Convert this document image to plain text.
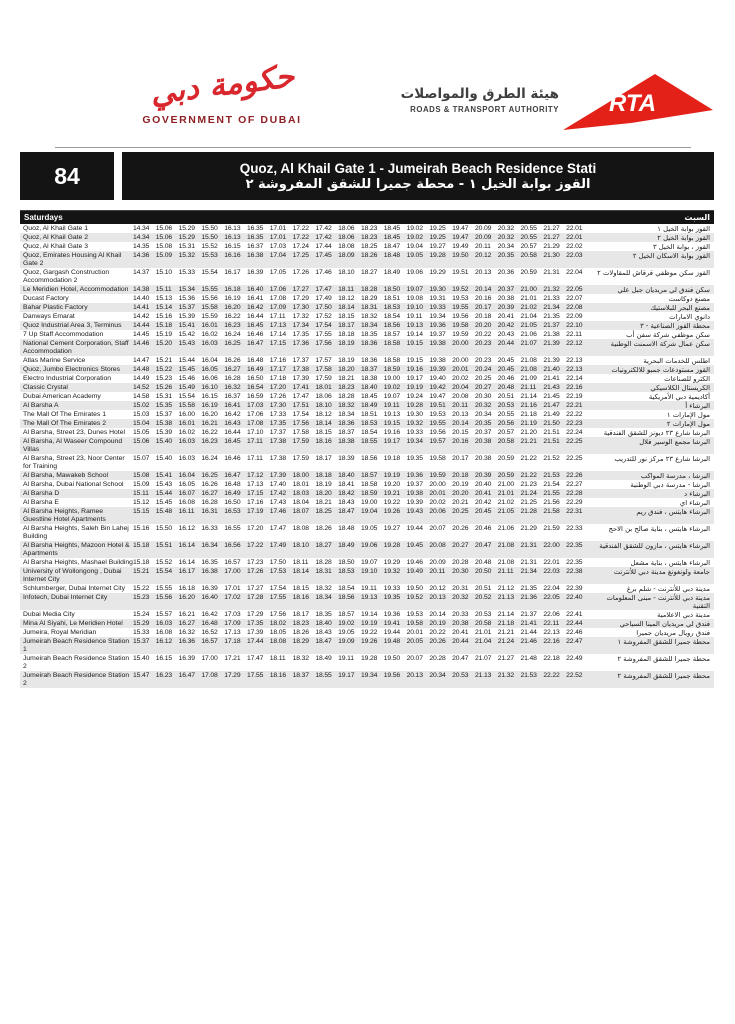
حكومة دبي
GOVERNMENT OF DUBAI
هيئة الطرق والمواصلات
ROADS & TRANSPORT AUTHORITY RTA
84	Quoz, Al Khail Gate 1 - Jumeirah Beach Residence Stati
القوز بوابة الخيل ١ - محطة جميرا للشقق المفروشة ٢
Saturdays	السبت
Quoz, Al Khail Gate 1	14.34 15.06 15.29 15.50 16.13 16.35 17.01 17.22 17.42 18.06 18.23 18.45 19.02 19.25 19.47 20.09 20.32 20.55 21.27 22.01	القوز بوابة الخيل ١
Quoz, Al Khail Gate 2	14.34 15.06 15.29 15.50 16.13 16.35 17.01 17.22 17.42 18.06 18.23 18.45 19.02 19.25 19.47 20.09 20.32 20.55 21.27 22.01	القوز بوابة الخيل ٢
Quoz, Al Khail Gate 3	14.35 15.08 15.31 15.52 16.15 16.37 17.03 17.24 17.44 18.08 18.25 18.47 19.04 19.27 19.49 20.11	20.34 20.57 21.29 22.02	القوز ، بوابة الخيل ٣
Quoz, Emirates Housing Al Khail Gate 2
14.36 15.09 15.32 15.53 16.16 16.38 17.04 17.25 17.45 18.09 18.26 18.48 19.05 19.28 19.50 20.12 20.35 20.58 21.30 22.03	القوز بوابة الاسكان الخيل ٢
Quoz, Gargash Construction Accommodation 2
14.37 15.10 15.33 15.54 16.17 16.39 17.05 17.26 17.46 18.10 18.27 18.49 19.06 19.29 19.51 20.13 20.36 20.59 21.31 22.04	القوز سكن موظفي قرقاش للمقاولات ٢
Le Meridien Hotel, Accommodation 14.38 15.11	15.34 15.55 16.18 16.40 17.06 17.27 17.47 18.11	18.28 18.50 19.07 19.30 19.52 20.14 20.37 21.00 21.32 22.05	سكن فندق لي مريديان جبل علي
Ducast Factory	14.40 15.13 15.36 15.56 16.19 16.41 17.08 17.29 17.49 18.12 18.29 18.51 19.08 19.31 19.53 20.16 20.38 21.01 21.33 22.07	مصنع دوكاست
Bahar Plastic Factory	14.41 15.14 15.37 15.58 16.20 16.42 17.09 17.30 17.50 18.14 18.31 18.53 19.10 19.33 19.55 20.17 20.39 21.02 21.34 22.08	مصنع البحر للبلاستيك
Danways Emarat	14.42 15.16 15.39 15.59 16.22 16.44 17.11	17.32 17.52 18.15 18.32 18.54 19.11	19.34 19.56 20.18 20.41 21.04 21.35 22.09	دانوي الامارات
Quoz Industrial Area 3, Terminus	14.44 15.18 15.41 16.01 16.23 16.45 17.13 17.34 17.54 18.17 18.34 18.56 19.13 19.36 19.58 20.20 20.42 21.05 21.37 22.10	محطة القوز الصناعية - ٣
7 Up Staff Accommodation	14.45 15.19 15.42 16.02 16.24 16.46 17.14 17.35 17.55 18.18 18.35 18.57 19.14 19.37 19.59 20.22 20.43 21.06 21.38 22.11	سكن موظفي شركة سفن أب
National Cement Corporation, Staff Accommodation
14.46 15.20 15.43 16.03 16.25 16.47 17.15 17.36 17.56 18.19 18.36 18.58 19.15 19.38 20.00 20.23 20.44 21.07 21.39 22.12	سكن عمال شركة الاسمنت الوطنية
Atlas Marine Service	14.47 15.21 15.44 16.04 16.26 16.48 17.16 17.37 17.57 18.19 18.36 18.58 19.15 19.38 20.00 20.23 20.45 21.08 21.39 22.13	اطلس للخدمات البحرية
Quoz, Jumbo Electronics Stores	14.48 15.22 15.45 16.05 16.27 16.49 17.17 17.38 17.58 18.20 18.37 18.59 19.16 19.39 20.01 20.24 20.45 21.08 21.40 22.13	القوز مستودعات جمبو للالكترونيات
Electro Industrial Corporation	14.49 15.23 15.46 16.06 16.28 16.50 17.18 17.39 17.59 18.21 18.38 19.00 19.17 19.40 20.02 20.25 20.46 21.09 21.41 22.14	الكترو للصناعات
Classic Crystal	14.52 15.26 15.49 16.10 16.32 16.54 17.20 17.41 18.01 18.23 18.40 19.02 19.19 19.42 20.04 20.27 20.48 21.11	21.43 22.16	الكريستال الكلاسيكي
Dubai American Academy	14.58 15.31 15.54 16.15 16.37 16.59 17.26 17.47 18.06 18.28 18.45 19.07 19.24 19.47 20.08 20.30 20.51 21.14 21.45 22.19	أكاديمية دبي الأمريكية
Al Barsha A	15.02 15.35 15.58 16.19 16.41 17.03 17.30 17.51 18.10 18.32 18.49 19.11	19.28 19.51 20.11	20.32 20.53 21.16 21.47 22.21	البرشاء أ
The Mall Of The Emirates 1	15.03 15.37 16.00 16.20 16.42 17.06 17.33 17.54 18.12 18.34 18.51 19.13 19.30 19.53 20.13 20.34 20.55 21.18 21.49 22.22	مول الإمارات ١
The Mall Of The Emirates 2	15.04 15.38 16.01 16.21 16.43 17.08 17.35 17.56 18.14 18.36 18.53 19.15 19.32 19.55 20.14 20.35 20.56 21.19 21.50 22.23	مول الإمارات ٢
Al Barsha, Street 23, Dunes Hotel	15.05 15.39 16.02 16.22 16.44 17.10 17.37 17.58 18.15 18.37 18.54 19.16 19.33 19.56 20.15 20.37 20.57 21.20 21.51 22.24	البرشا شارع ٢٣ ديونز للشقق الفندقية
Al Barsha, Al Waseer Compound Villas
15.06 15.40 16.03 16.23 16.45 17.11	17.38 17.59 18.16 18.38 18.55 19.17 19.34 19.57 20.16 20.38 20.58 21.21 21.51 22.25	البرشا مجمع الوسير فلال
Al Barsha, Street 23, Noor Center for Training
15.07 15.40 16.03 16.24 16.46 17.11	17.38 17.59 18.17 18.39 18.56 19.18 19.35 19.58 20.17 20.38 20.59 21.22 21.52 22.25	البرشا شارع ٢٣ مركز نور للتدريب
Al Barsha, Mawakeb School	15.08 15.41 16.04 16.25 16.47 17.12 17.39 18.00 18.18 18.40 18.57 19.19 19.36 19.59 20.18 20.39 20.59 21.22 21.53 22.26	البرشا ، مدرسة المواكب
Al Barsha, Dubai National School	15.09 15.43 16.05 16.26 16.48 17.13 17.40 18.01 18.19 18.41 18.58 19.20 19.37 20.00 20.19 20.40 21.00 21.23 21.54 22.27	البرشا - مدرسة دبي الوطنية
Al Barsha D	15.11	15.44 16.07 16.27 16.49 17.15 17.42 18.03 18.20 18.42 18.59 19.21 19.38 20.01 20.20 20.41 21.01 21.24 21.55 22.28	البرشاء د
Al Barsha E	15.12 15.45 16.08 16.28 16.50 17.16 17.43 18.04 18.21 18.43 19.00 19.22 19.39 20.02 20.21 20.42 21.02 21.25 21.56 22.29	البرشاء اي
Al Barsha Heights, Ramee Guestline Hotel Apartments
15.15 15.48 16.11	16.31 16.53 17.19 17.46 18.07 18.25 18.47 19.04 19.26 19.43 20.06 20.25 20.45 21.05 21.28 21.58 22.31	البرشاء هايتس ، فندق ريم
Al Barsha Heights, Saleh Bin Lahej Building
15.16 15.50 16.12 16.33 16.55 17.20 17.47 18.08 18.26 18.48 19.05 19.27 19.44 20.07 20.26 20.46 21.06 21.29 21.59 22.33	البرشاء هايتس ، بناية صالح بن الاحج
Al Barsha Heights, Mazoon Hotel & Apartments
15.18 15.51 16.14 16.34 16.56 17.22 17.49 18.10 18.27 18.49 19.06 19.28 19.45 20.08 20.27 20.47 21.08 21.31 22.00 22.35	البرشاء هايتس ، مازون للشقق الفندقية
Al Barsha Heights, Mashael Building 15.18 15.52 16.14 16.35 16.57 17.23 17.50 18.11	18.28 18.50 19.07 19.29 19.46 20.09 20.28 20.48 21.08 21.31 22.01 22.35	البرشاء هايتس ، بناية مشعل
University of Wollongong , Dubai Internet City
15.21 15.54 16.17 16.38 17.00 17.26 17.53 18.14 18.31 18.53 19.10 19.32 19.49 20.11	20.30 20.50 21.11	21.34 22.03 22.38	جامعة ولونغونغ مدينة دبي للأنترنت
Schlumberger, Dubai Internet City	15.22 15.55 16.18 16.39 17.01 17.27 17.54 18.15 18.32 18.54 19.11	19.33 19.50 20.12 20.31 20.51 21.12 21.35 22.04 22.39	مدينة دبي للأنترنت - شلم برغ
Infotech, Dubai Internet City	15.23 15.56 16.20 16.40 17.02 17.28 17.55 18.16 18.34 18.56 19.13 19.35 19.52 20.13 20.32 20.52 21.13 21.36 22.05 22.40	مدينة دبي للأنترنت - مبنى المعلومات التقنية
Dubai Media City	15.24 15.57 16.21 16.42 17.03 17.29 17.56 18.17 18.35 18.57 19.14 19.36 19.53 20.14 20.33 20.53 21.14 21.37 22.06 22.41	مدينة دبي الاعلامية
Mina Al Siyahi, Le Meridien Hotel	15.29 16.03 16.27 16.48 17.09 17.35 18.02 18.23 18.40 19.02 19.19 19.41 19.58 20.19 20.38 20.58 21.18 21.41 22.11	22.44	فندق لي مريديان المينا السياحي
Jumeira, Royal Meridian	15.33 16.08 16.32 16.52 17.13 17.39 18.05 18.26 18.43 19.05 19.22 19.44 20.01 20.22 20.41 21.01 21.21 21.44 22.13 22.46	فندق رويال مريديان جميرا
Jumeirah Beach Residence Station 1
15.37 16.12 16.36 16.57 17.18 17.44 18.08 18.29 18.47 19.09 19.26 19.48 20.05 20.26 20.44 21.04 21.24 21.46 22.16 22.47	محطة جميرا للشقق المفروشة ١
Jumeirah Beach Residence Station 2
15.40 16.15 16.39 17.00 17.21 17.47 18.11	18.32 18.49 19.11	19.28 19.50 20.07 20.28 20.47 21.07 21.27 21.48 22.18 22.49	محطة جميرا للشقق المفروشة ٢
Jumeirah Beach Residence Station 2
15.47 16.23 16.47 17.08 17.29 17.55 18.16 18.37 18.55 19.17 19.34 19.56 20.13 20.34 20.53 21.13 21.32 21.53 22.22 22.52	محطة جميرا للشقق المفروشة ٢
